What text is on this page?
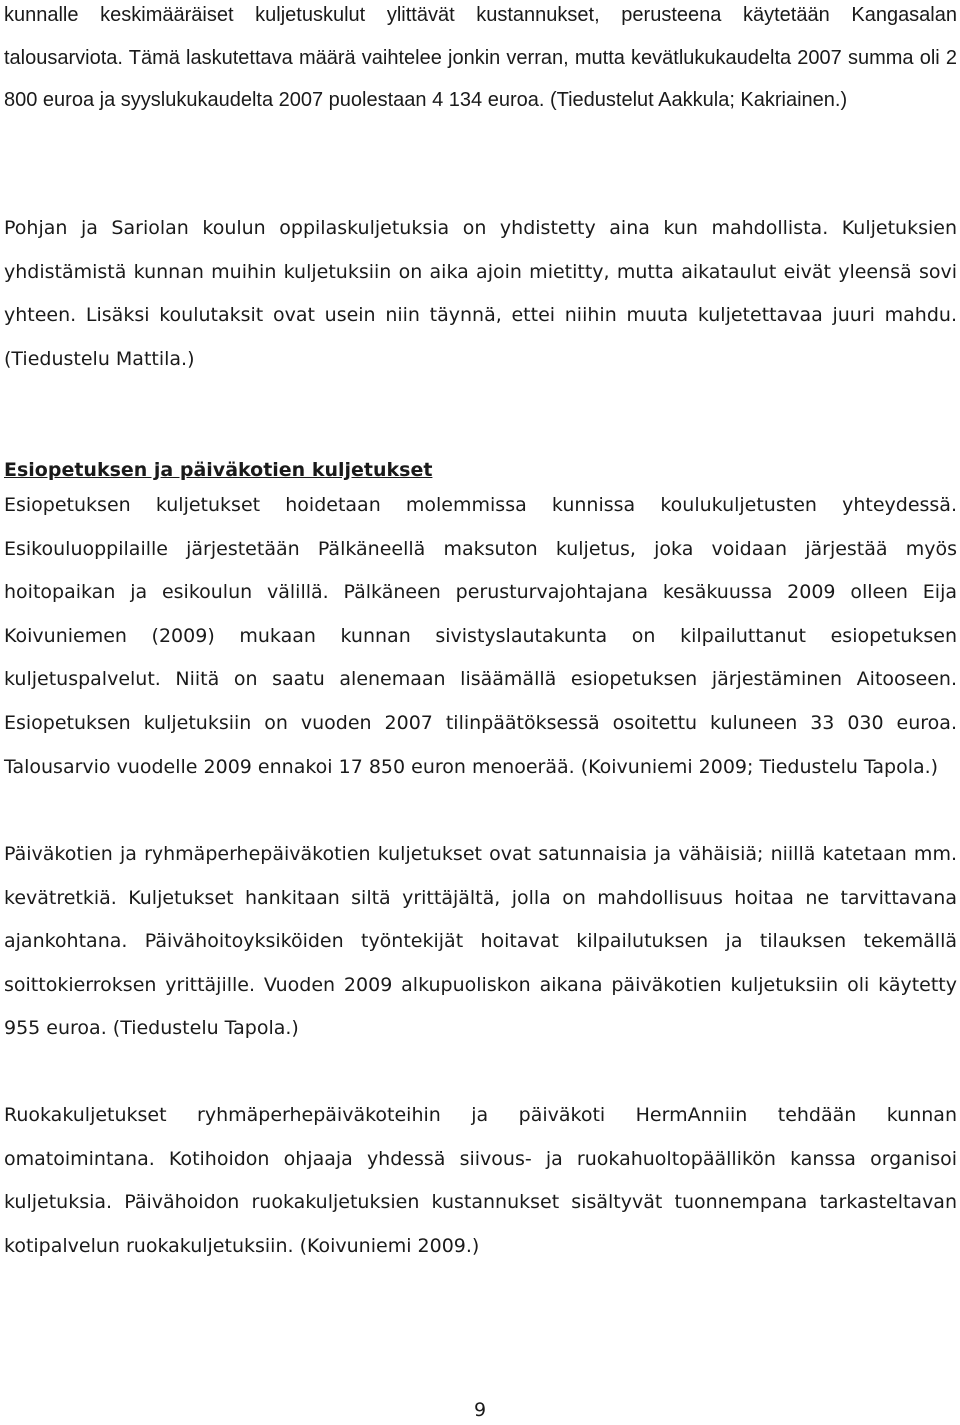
kunnalle keskimääräiset kuljetuskulut ylittävät kustannukset, perusteena käytetään Kangasalan talousarviota. Tämä laskutettava määrä vaihtelee jonkin verran, mutta kevätlukukaudelta 2007 summa oli 2 800 euroa ja syyslukukaudelta 2007 puolestaan 4 134 euroa. (Tiedustelut Aakkula; Kakriainen.)

Pohjan ja Sariolan koulun oppilaskuljetuksia on yhdistetty aina kun mahdollista. Kuljetuksien yhdistämistä kunnan muihin kuljetuksiin on aika ajoin mietitty, mutta aikataulut eivät yleensä sovi yhteen. Lisäksi koulutaksit ovat usein niin täynnä, ettei niihin muuta kuljetettavaa juuri mahdu. (Tiedustelu Mattila.)

Esiopetuksen ja päiväkotien kuljetukset

Esiopetuksen kuljetukset hoidetaan molemmissa kunnissa koulukuljetusten yhteydessä. Esikouluoppilaille järjestetään Pälkäneellä maksuton kuljetus, joka voidaan järjestää myös hoitopaikan ja esikoulun välillä. Pälkäneen perusturvajohtajana kesäkuussa 2009 olleen Eija Koivuniemen (2009) mukaan kunnan sivistyslautakunta on kilpailuttanut esiopetuksen kuljetuspalvelut. Niitä on saatu alenemaan lisäämällä esiopetuksen järjestäminen Aitooseen. Esiopetuksen kuljetuksiin on vuoden 2007 tilinpäätöksessä osoitettu kuluneen 33 030 euroa. Talousarvio vuodelle 2009 ennakoi 17 850 euron menoerää. (Koivuniemi 2009; Tiedustelu Tapola.)

Päiväkotien ja ryhmäperhepäiväkotien kuljetukset ovat satunnaisia ja vähäisiä; niillä katetaan mm. kevätretkiä. Kuljetukset hankitaan siltä yrittäjältä, jolla on mahdollisuus hoitaa ne tarvittavana ajankohtana. Päivähoitoyksiköiden työntekijät hoitavat kilpailutuksen ja tilauksen tekemällä soittokierroksen yrittäjille. Vuoden 2009 alkupuoliskon aikana päiväkotien kuljetuksiin oli käytetty 955 euroa. (Tiedustelu Tapola.)

Ruokakuljetukset ryhmäperhepäiväkoteihin ja päiväkoti HermAnniin tehdään kunnan omatoimintana. Kotihoidon ohjaaja yhdessä siivous- ja ruokahuoltopäällikön kanssa organisoi kuljetuksia. Päivähoidon ruokakuljetuksien kustannukset sisältyvät tuonnempana tarkasteltavan kotipalvelun ruokakuljetuksiin. (Koivuniemi 2009.)

9
